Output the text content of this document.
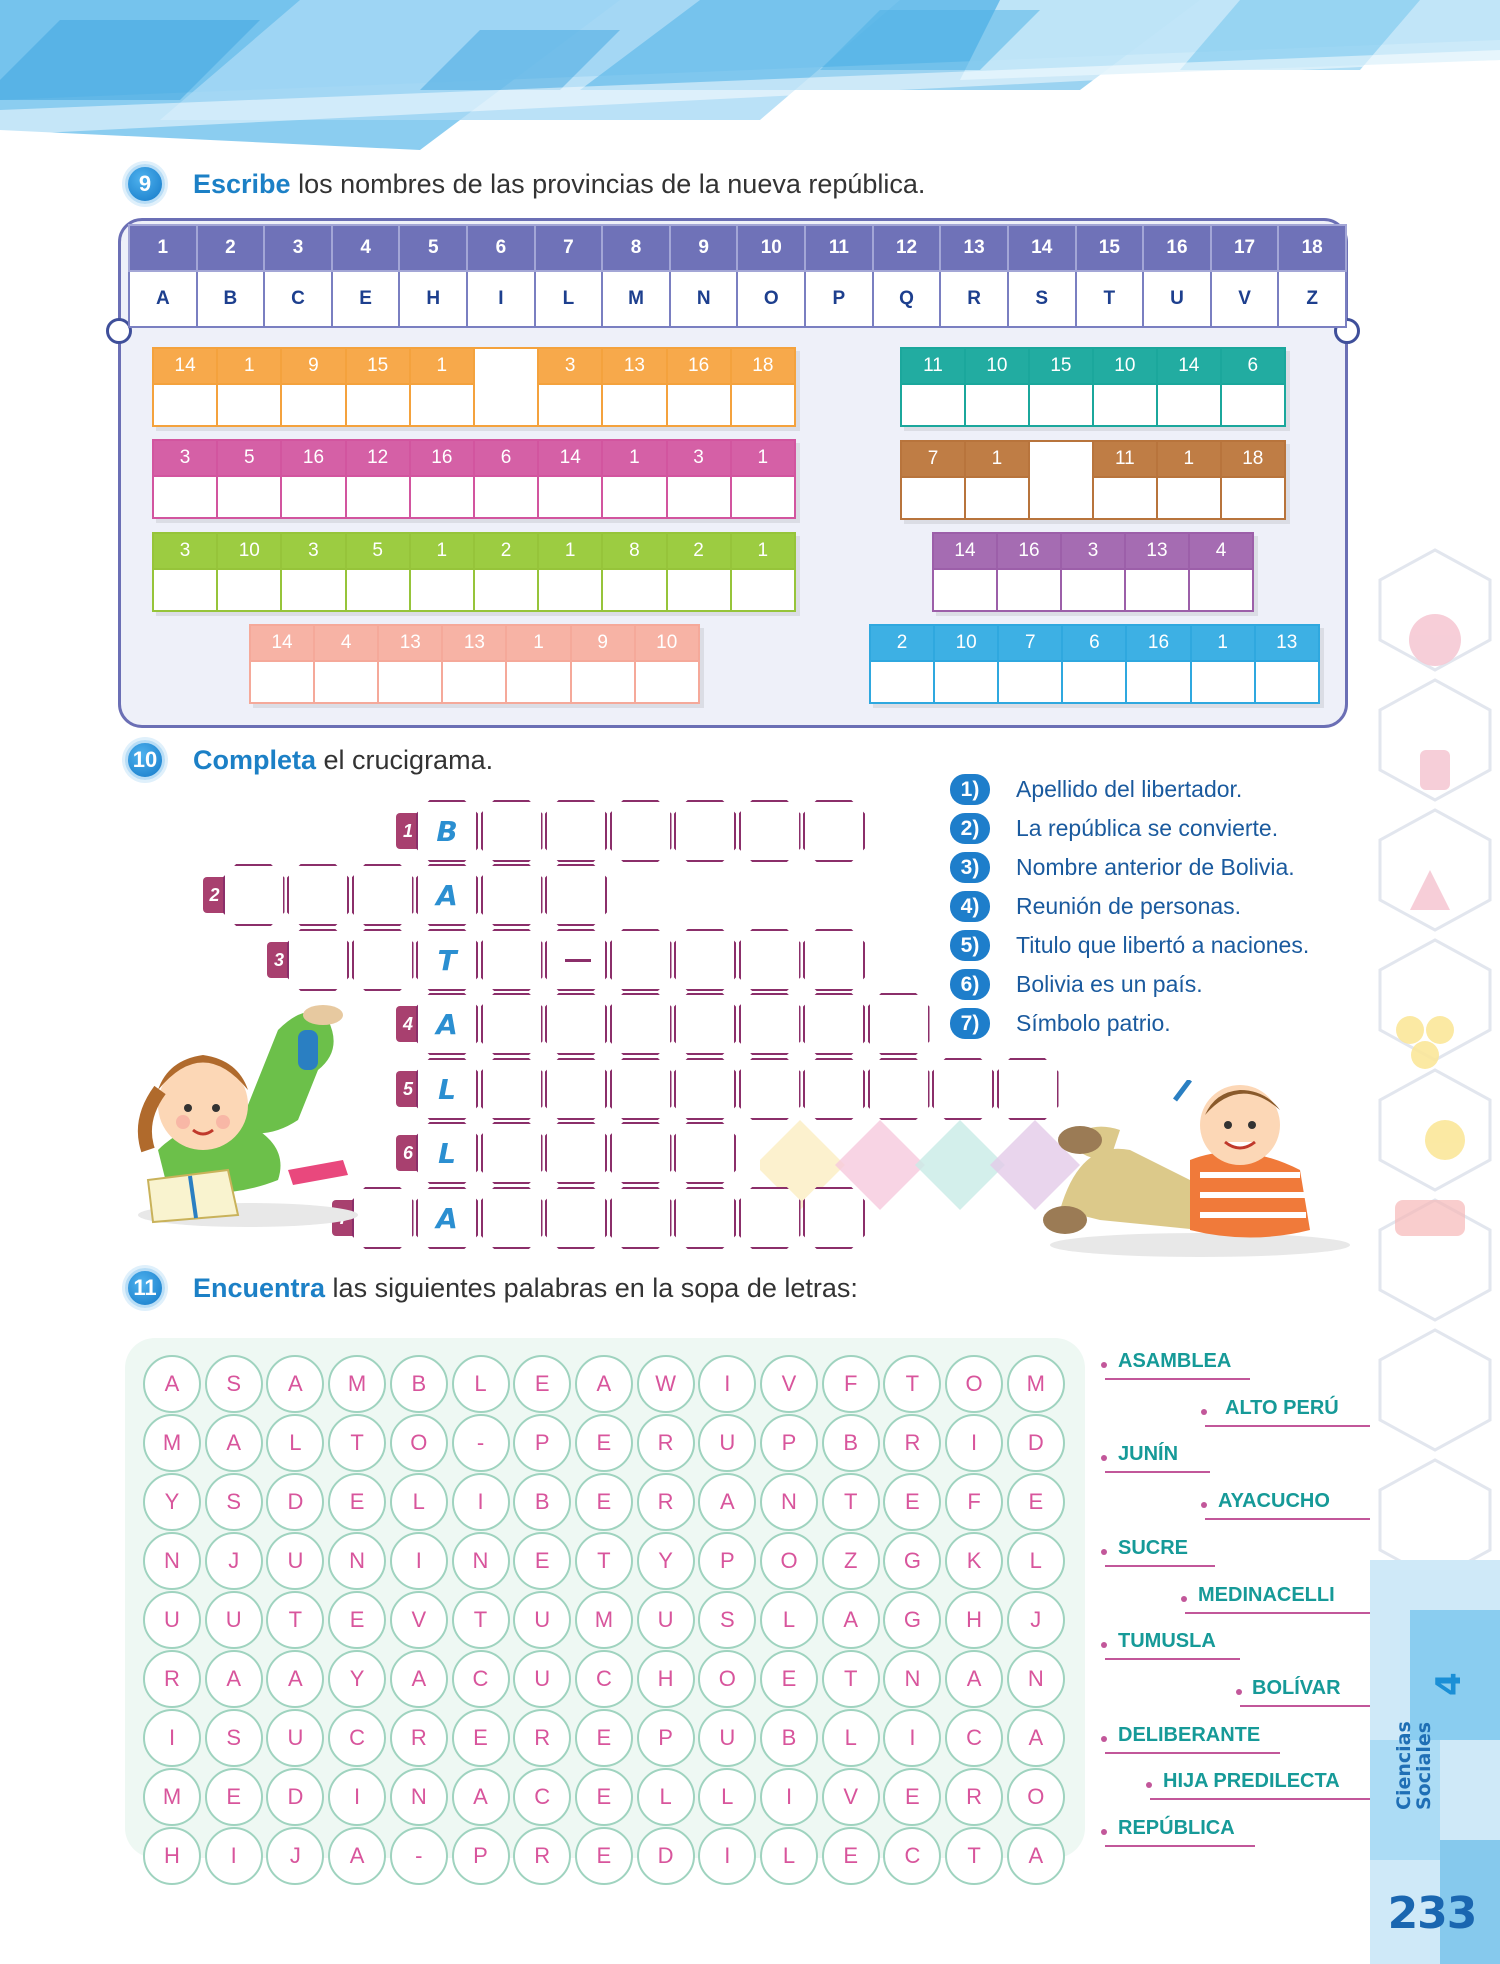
Ciencias
Sociales
4
233
9	Escribe los nombres de las provincias de la nueva república.
1	2	3	4	5	6	7	8	9	10	11	12	13	14	15	16	17	18
A	B	C	E	H	I	L	M	N	O	P	Q	R	S	T	U	V	Z
14	1	9	15	1		3	13	16	18

3	5	16	12	16	6	14	1	3	1

3	10	3	5	1	2	1	8	2	1

14	4	13	13	1	9	10

11	10	15	10	14	6

7	1		11	1	18

14	16	3	13	4

2	10	7	6	16	1	13

10 Completa el crucigrama.
1 B
2	A
3	T
4 A
5 L
6 L
A
1)	Apellido del libertador.
2)	La república se convierte.
3)	Nombre anterior de Bolivia.
4)	Reunión de personas.
5)	Titulo que libertó a naciones.
6)	Bolivia es un país.
7)	Símbolo patrio.
11	Encuentra las siguientes palabras en la sopa de letras:
A	S	A	M	B	L	E	A	W	I	V	F	T	O	M
M	A	L	T	O	-	P	E	R	U	P	B	R	I	D
Y	S	D	E	L	I	B	E	R	A	N	T	E	F	E
N	J	U	N	I	N	E	T	Y	P	O	Z	G	K	L
U	U	T	E	V	T	U	M	U	S	L	A	G	H	J
R	A	A	Y	A	C	U	C	H	O	E	T	N	A	N
I	S	U	C	R	E	R	E	P	U	B	L	I	C	A
M	E	D	I	N	A	C	E	L	L	I	V	E	R	O
H	I	J	A	-	P	R	E	D	I	L	E	C	T	A
ASAMBLEA
ALTO PERÚ
JUNÍN
AYACUCHO
SUCRE
MEDINACELLI
TUMUSLA
BOLÍVAR
DELIBERANTE
HIJA PREDILECTA
REPÚBLICA
